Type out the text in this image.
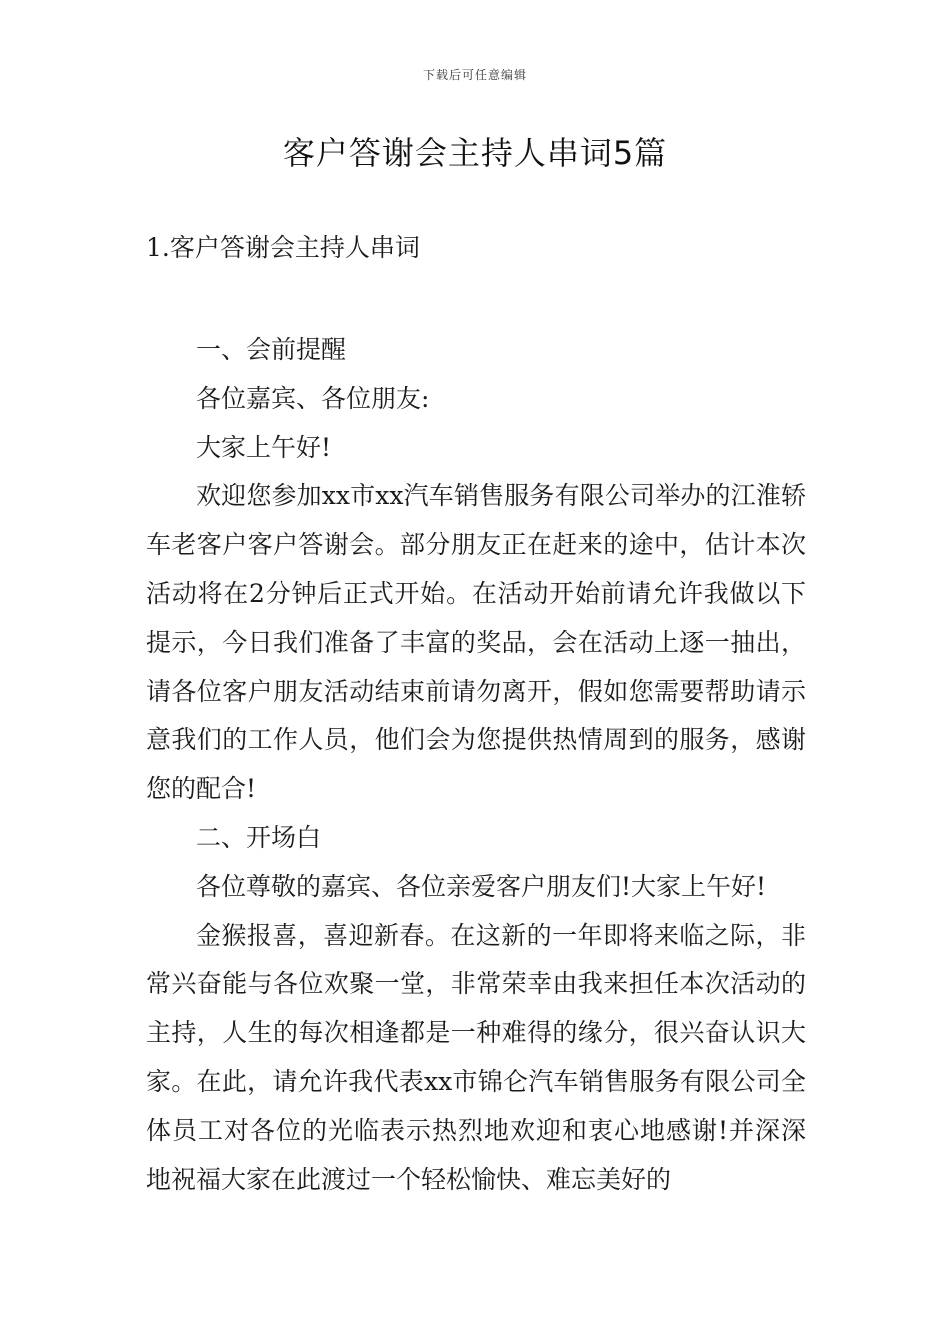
下载后可任意编辑
客户答谢会主持人串词5篇
1.客户答谢会主持人串词

一、会前提醒

各位嘉宾、各位朋友:

大家上午好!

欢迎您参加xx市xx汽车销售服务有限公司举办的江淮轿车老客户客户答谢会。部分朋友正在赶来的途中，估计本次活动将在2分钟后正式开始。在活动开始前请允许我做以下提示，今日我们准备了丰富的奖品，会在活动上逐一抽出，请各位客户朋友活动结束前请勿离开，假如您需要帮助请示意我们的工作人员，他们会为您提供热情周到的服务，感谢您的配合!

二、开场白

各位尊敬的嘉宾、各位亲爱客户朋友们!大家上午好!

金猴报喜，喜迎新春。在这新的一年即将来临之际，非常兴奋能与各位欢聚一堂，非常荣幸由我来担任本次活动的主持，人生的每次相逢都是一种难得的缘分，很兴奋认识大家。在此，请允许我代表xx市锦仑汽车销售服务有限公司全体员工对各位的光临表示热烈地欢迎和衷心地感谢!并深深地祝福大家在此渡过一个轻松愉快、难忘美好的
